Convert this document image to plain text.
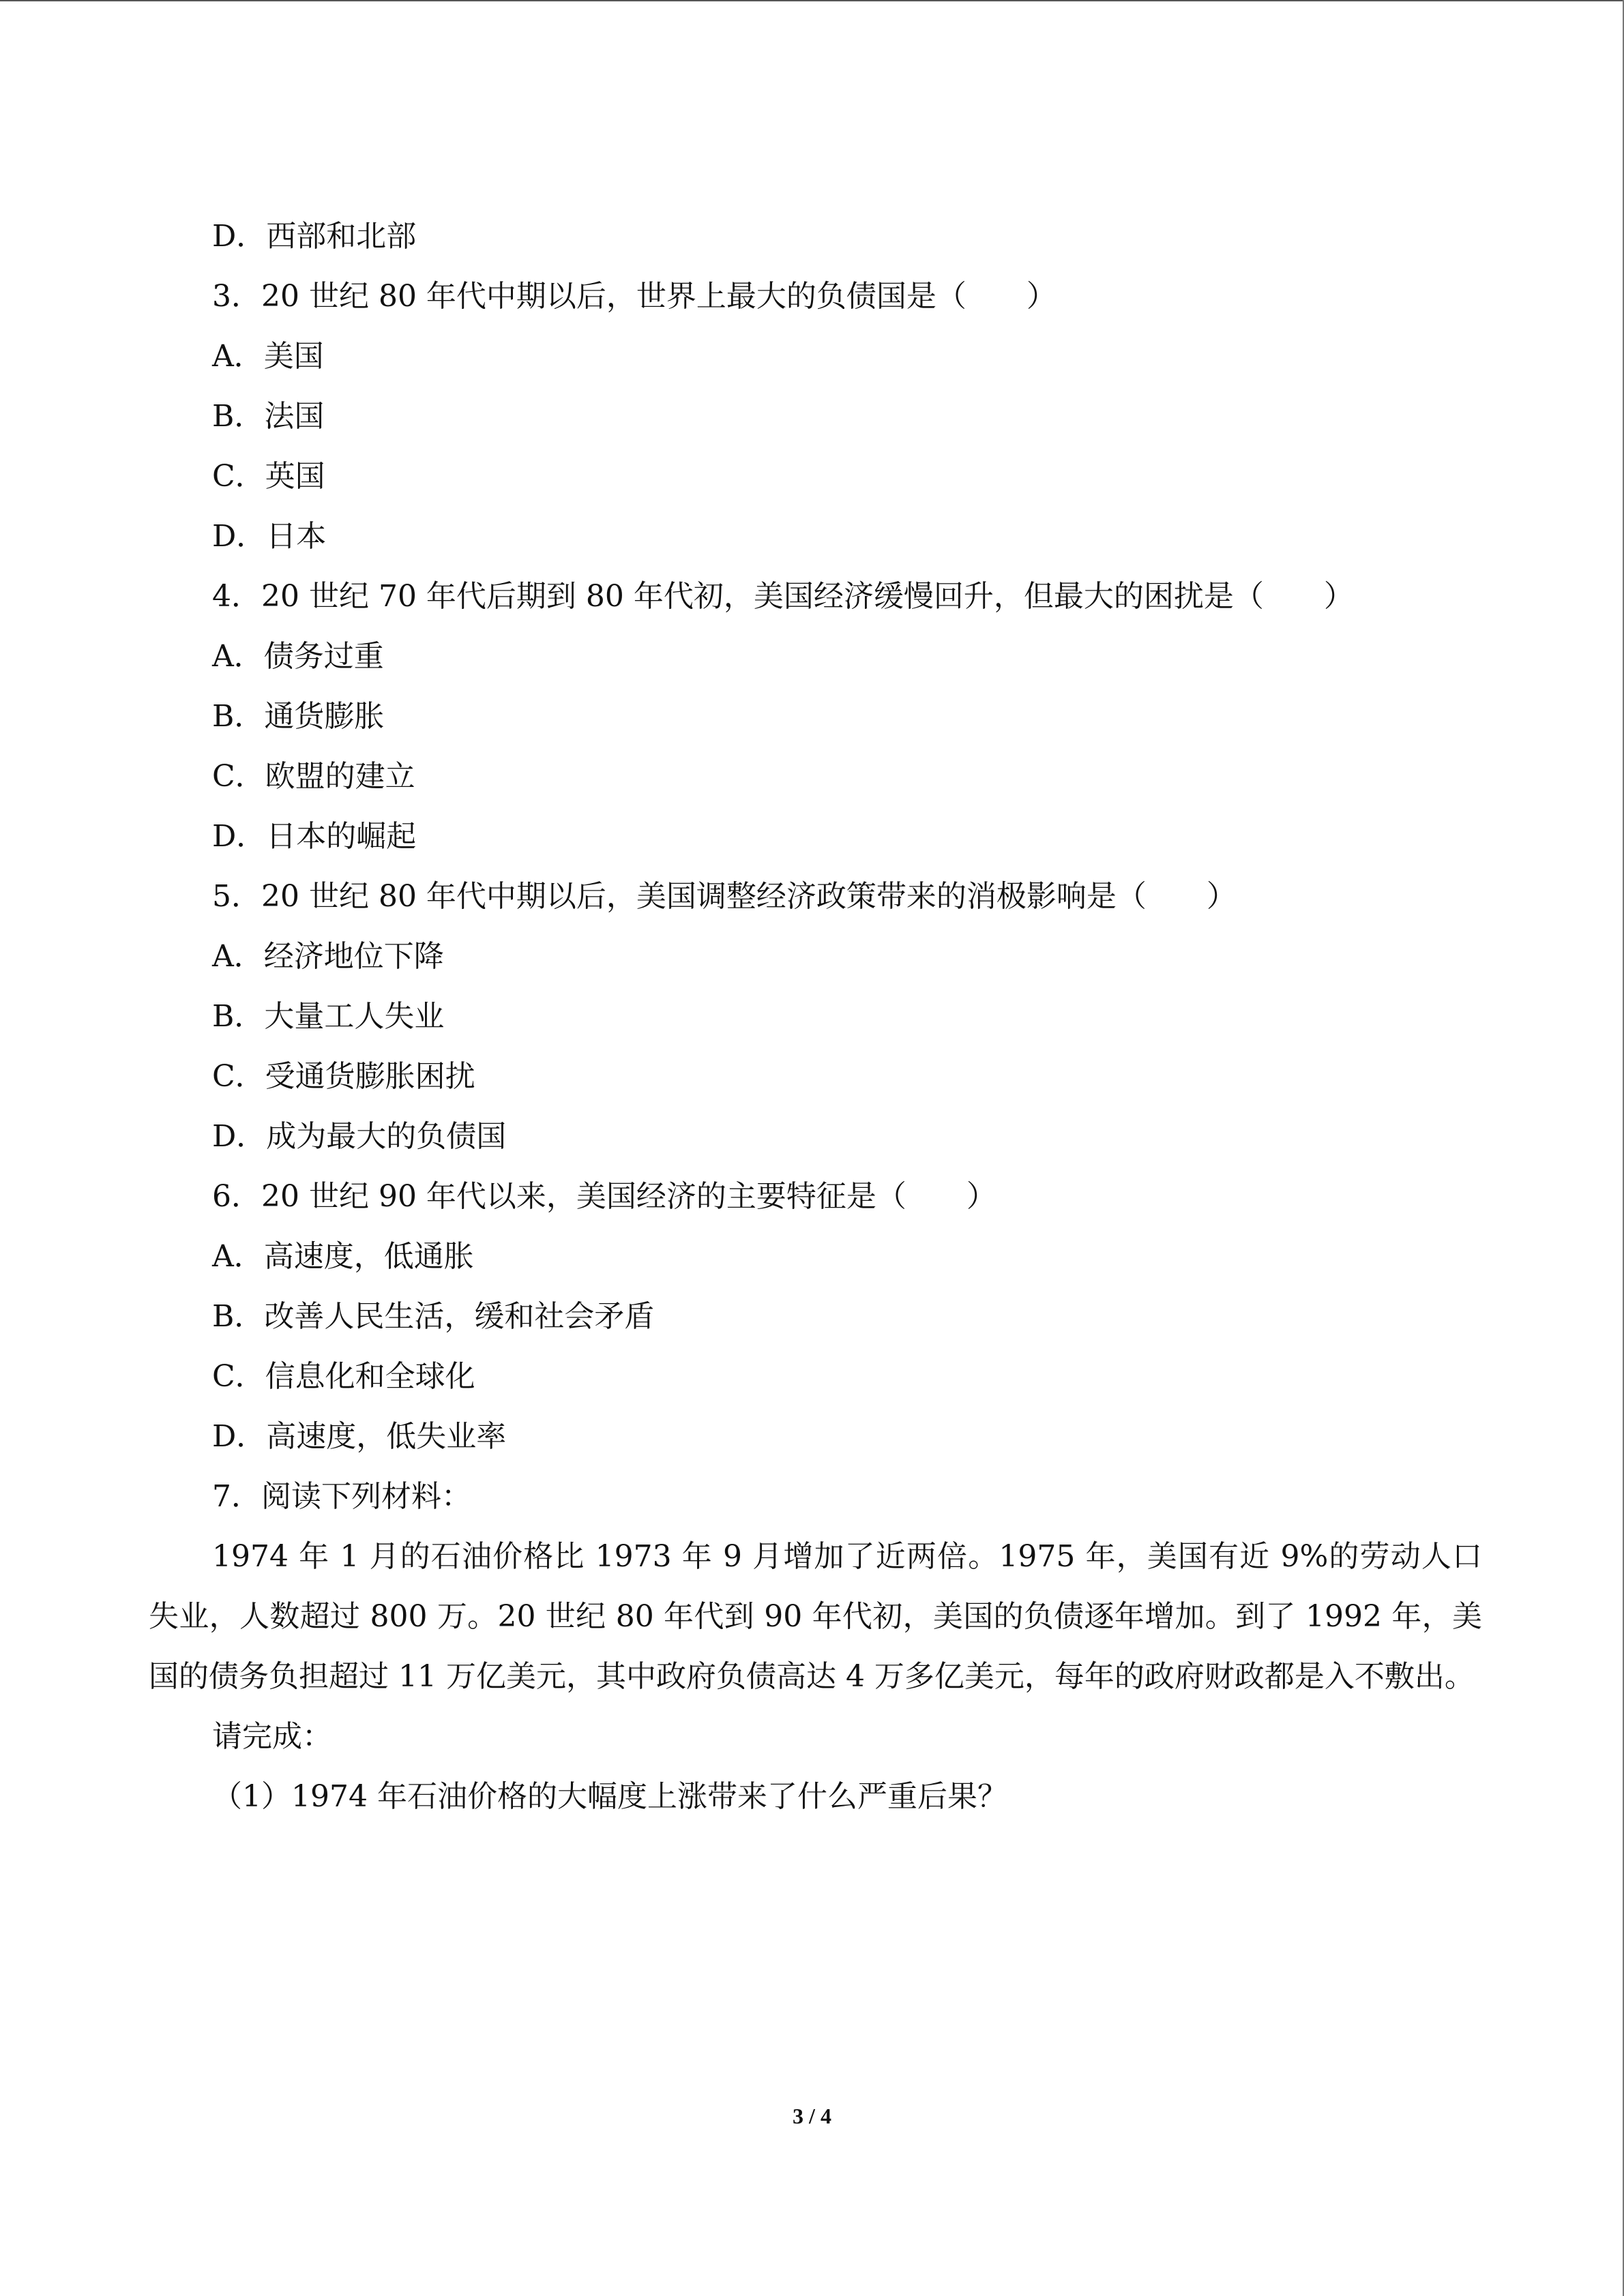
D．西部和北部
3．20 世纪 80 年代中期以后，世界上最大的负债国是（　　）
A．美国
B．法国
C．英国
D．日本
4．20 世纪 70 年代后期到 80 年代初，美国经济缓慢回升，但最大的困扰是（　　）
A．债务过重
B．通货膨胀
C．欧盟的建立
D．日本的崛起
5．20 世纪 80 年代中期以后，美国调整经济政策带来的消极影响是（　　）
A．经济地位下降
B．大量工人失业
C．受通货膨胀困扰
D．成为最大的负债国
6．20 世纪 90 年代以来，美国经济的主要特征是（　　）
A．高速度，低通胀
B．改善人民生活，缓和社会矛盾
C．信息化和全球化
D．高速度，低失业率
7．阅读下列材料：
1974 年 1 月的石油价格比 1973 年 9 月增加了近两倍。1975 年，美国有近 9%的劳动人口失业，人数超过 800 万。20 世纪 80 年代到 90 年代初，美国的负债逐年增加。到了 1992 年，美国的债务负担超过 11 万亿美元，其中政府负债高达 4 万多亿美元，每年的政府财政都是入不敷出。
请完成：
（1）1974 年石油价格的大幅度上涨带来了什么严重后果？
3 / 4
